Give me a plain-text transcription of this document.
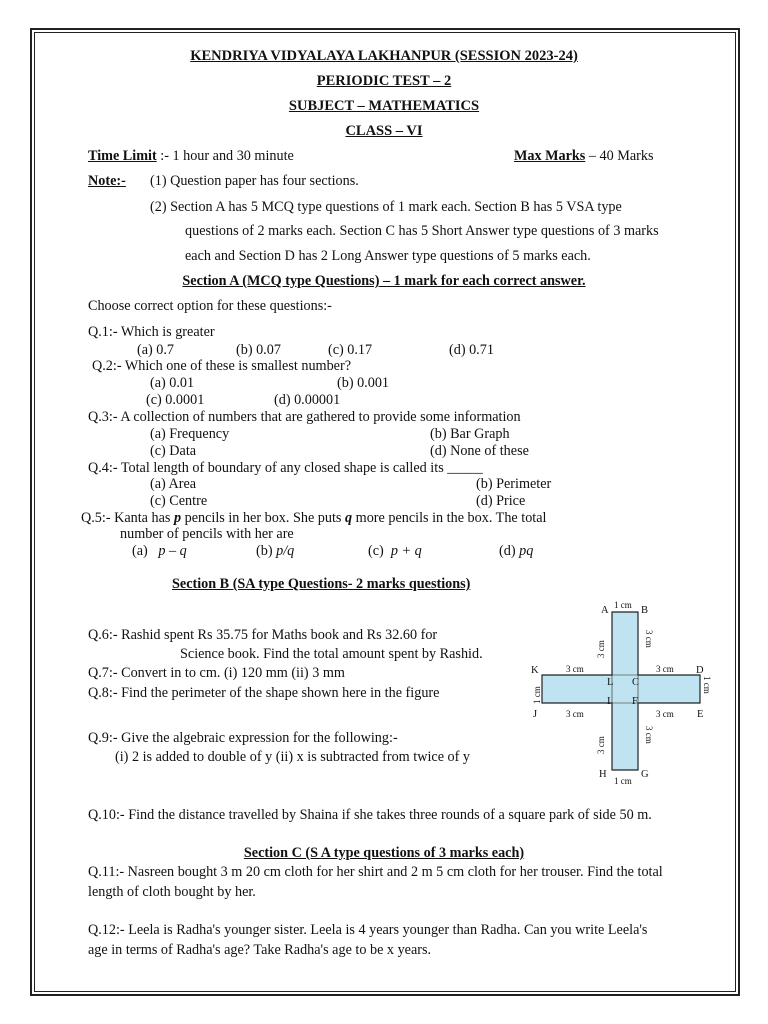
KENDRIYA VIDYALAYA LAKHANPUR (SESSION 2023-24)
PERIODIC TEST – 2
SUBJECT – MATHEMATICS
CLASS – VI
Time Limit :- 1 hour and 30 minute	Max Marks – 40 Marks
Note:- (1) Question paper has four sections.
(2) Section A has 5 MCQ type questions of 1 mark each. Section B has 5 VSA type
questions of 2 marks each. Section C has 5 Short Answer type questions of 3 marks
each and Section D has 2 Long Answer type questions of 5 marks each.
Section A (MCQ type Questions) – 1 mark for each correct answer.
Choose correct option for these questions:-
Q.1:- Which is greater
(a) 0.7	(b) 0.07	(c) 0.17	(d) 0.71
Q.2:- Which one of these is smallest number?
(a) 0.01	(b) 0.001
(c) 0.0001	(d) 0.00001
Q.3:- A collection of numbers that are gathered to provide some information
(a) Frequency	(b) Bar Graph
(c) Data	(d) None of these
Q.4:- Total length of boundary of any closed shape is called its _____
(a) Area	(b) Perimeter
(c) Centre	(d) Price
Q.5:- Kanta has p pencils in her box. She puts q more pencils in the box. The total
number of pencils with her are
(a) p – q	(b) p/q	(c) p + q	(d) pq
Section B (SA type Questions- 2 marks questions)
Q.6:- Rashid spent Rs 35.75 for Maths book and Rs 32.60 for
Science book. Find the total amount spent by Rashid.
Q.7:- Convert in to cm. (i) 120 mm (ii) 3 mm
Q.8:- Find the perimeter of the shape shown here in the figure
Q.9:- Give the algebraic expression for the following:-
(i) 2 is added to double of y (ii) x is subtracted from twice of y
Q.10:- Find the distance travelled by Shaina if she takes three rounds of a square park of side 50 m.
A	B
C
D
E
F
G
H
I
J
K
L
1 cm
1 cm
3 cm	3 cm
3 cm	3 cm
1 cm
1 cm
3 cm
3 cm
3 cm
3 cm
Section C (S A type questions of 3 marks each)
Q.11:- Nasreen bought 3 m 20 cm cloth for her shirt and 2 m 5 cm cloth for her trouser. Find the total
length of cloth bought by her.
Q.12:- Leela is Radha's younger sister. Leela is 4 years younger than Radha. Can you write Leela's
age in terms of Radha's age? Take Radha's age to be x years.
